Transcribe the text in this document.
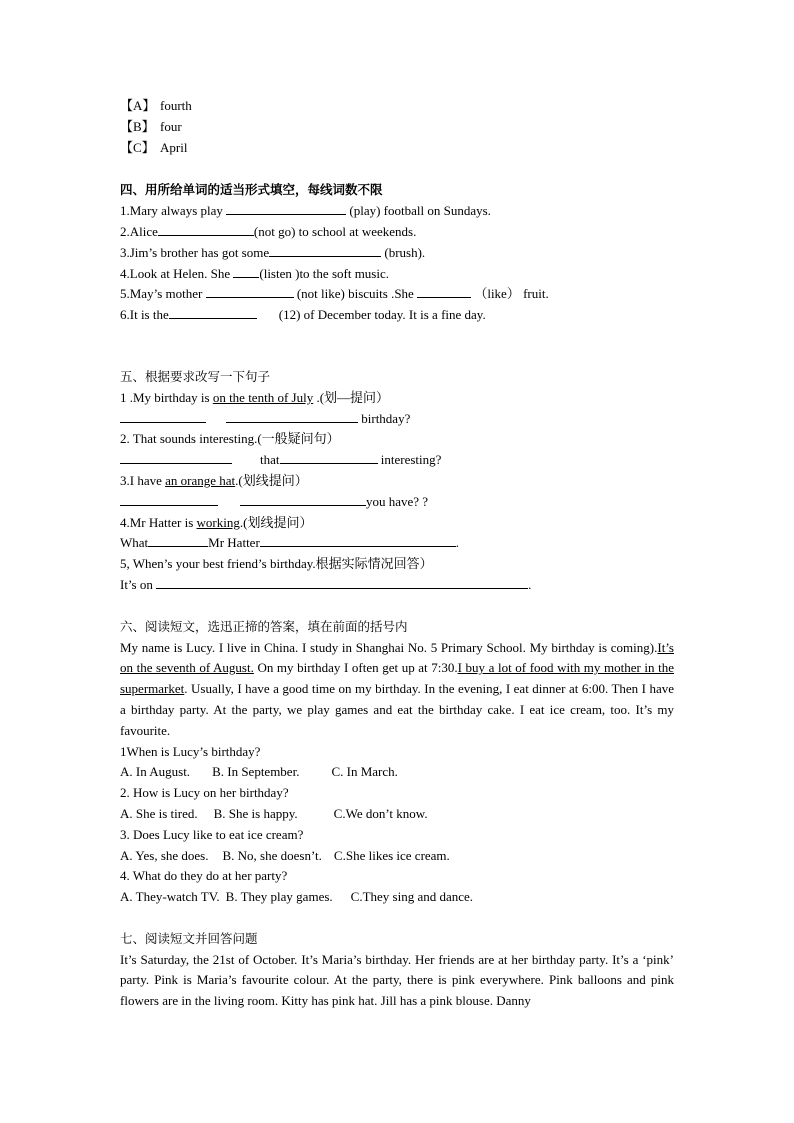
【A】 fourth
【B】 four
【C】 April
四、用所给单词的适当形式填空，每线词数不限
1.Mary always play	(play) football on Sundays.
2.Alice	(not go) to school at weekends.
3.Jim’s brother has got some	(brush).
4.Look at Helen. She (listen )to the soft music.
5.May’s mother	(not like) biscuits .She	（like） fruit.
6.It is the	(12) of December today. It is a fine day.
五、根据要求改写一下句子
1 .My birthday is on the tenth of July .(划—提问）
birthday?
2. That sounds interesting.(一般疑问句）
that	interesting?
3.I have an orange hat.(划线提问）
you have? ?
4.Mr Hatter is working.(划线提问）
What	Mr Hatter	.
5, When’s your best friend’s birthday.根据实际情况回答）
It’s on	.
六、阅读短文，选迅正揥的答案，填在前面的括号内
My name is Lucy. I live in China. I study in Shanghai No. 5 Primary School. My birthday is coming).It’s on the seventh of August. On my birthday I often get up at 7:30.I buy a lot of food with my mother in the supermarket. Usually, I have a good time on my birthday. In the evening, I eat dinner at 6:00. Then I have a birthday party. At the party, we play games and eat the birthday cake. I eat ice cream, too. It’s my favourite.
1When is Lucy’s birthday?
A. In August. B. In September. C. In March.
2. How is Lucy on her birthday?
A. She is tired. B. She is happy.	C.We don’t know.
3. Does Lucy like to eat ice cream?
A. Yes, she does. B. No, she doesn’t. C.She likes ice cream.
4. What do they do at her party?
A. They-watch TV. B. They play games. C.They sing and dance.
七、阅读短文并回答问题
It’s Saturday, the 21st of October. It’s Maria’s birthday. Her friends are at her birthday party. It’s a ‘pink’ party. Pink is Maria’s favourite colour. At the party, there is pink everywhere. Pink balloons and pink flowers are in the living room. Kitty has pink hat. Jill has a pink blouse. Danny
